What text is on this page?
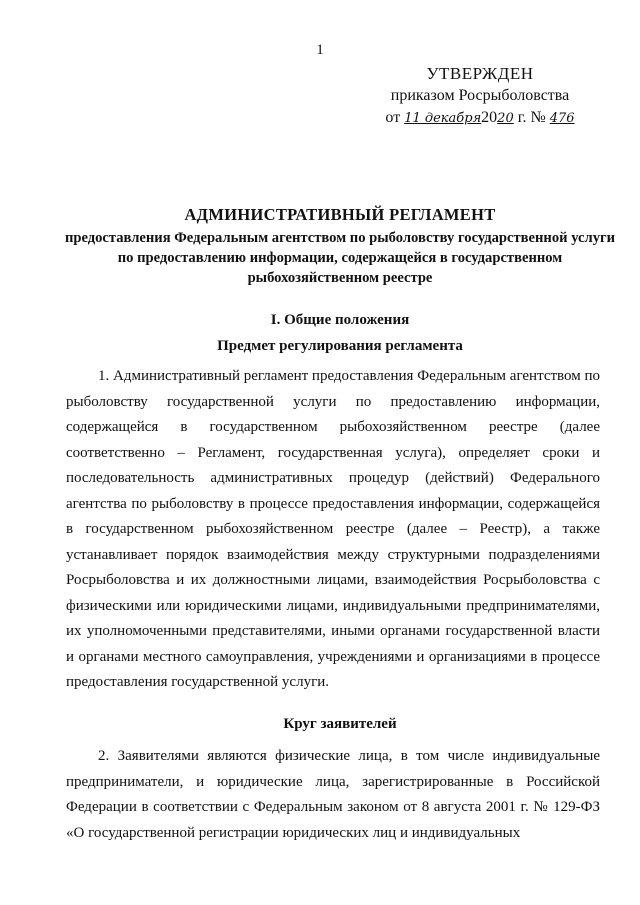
1
УТВЕРЖДЕН
приказом Росрыболовства
от 11 декабря2020 г. № 476
АДМИНИСТРАТИВНЫЙ РЕГЛАМЕНТ
предоставления Федеральным агентством по рыболовству государственной услуги по предоставлению информации, содержащейся в государственном рыбохозяйственном реестре
I. Общие положения
Предмет регулирования регламента

1. Административный регламент предоставления Федеральным агентством по рыболовству государственной услуги по предоставлению информации, содержащейся в государственном рыбохозяйственном реестре (далее соответственно – Регламент, государственная услуга), определяет сроки и последовательность административных процедур (действий) Федерального агентства по рыболовству в процессе предоставления информации, содержащейся в государственном рыбохозяйственном реестре (далее – Реестр), а также устанавливает порядок взаимодействия между структурными подразделениями Росрыболовства и их должностными лицами, взаимодействия Росрыболовства с физическими или юридическими лицами, индивидуальными предпринимателями, их уполномоченными представителями, иными органами государственной власти и органами местного самоуправления, учреждениями и организациями в процессе предоставления государственной услуги.

Круг заявителей

2. Заявителями являются физические лица, в том числе индивидуальные предприниматели, и юридические лица, зарегистрированные в Российской Федерации в соответствии с Федеральным законом от 8 августа 2001 г. № 129-ФЗ «О государственной регистрации юридических лиц и индивидуальных
